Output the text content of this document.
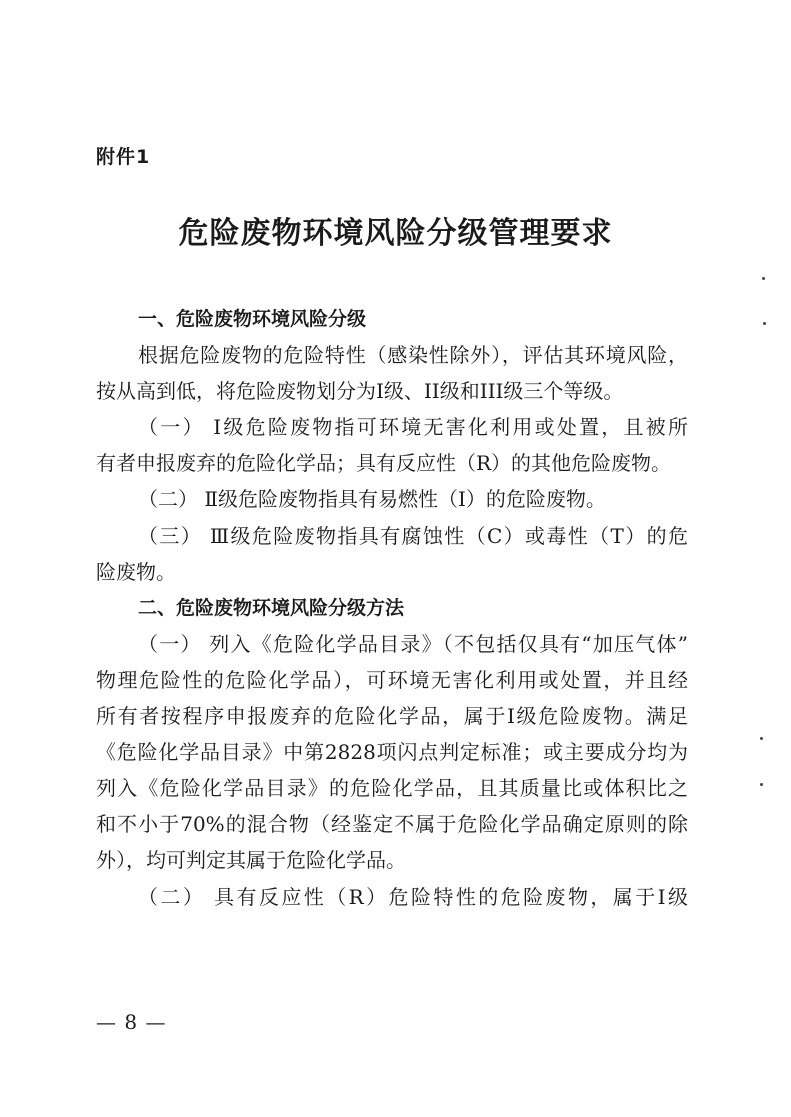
附件1
危险废物环境风险分级管理要求
一、危险废物环境风险分级
根据危险废物的危险特性（感染性除外），评估其环境风险，
按从高到低，将危险废物划分为I级、II级和III级三个等级。
（一） Ⅰ级危险废物指可环境无害化利用或处置，且被所
有者申报废弃的危险化学品；具有反应性（R）的其他危险废物。
（二） Ⅱ级危险废物指具有易燃性（I）的危险废物。
（三） Ⅲ级危险废物指具有腐蚀性（C）或毒性（T）的危
险废物。
二、危险废物环境风险分级方法
（一） 列入《危险化学品目录》（不包括仅具有“加压气体”
物理危险性的危险化学品），可环境无害化利用或处置，并且经
所有者按程序申报废弃的危险化学品，属于Ⅰ级危险废物。满足
《危险化学品目录》中第2828项闪点判定标准；或主要成分均为
列入《危险化学品目录》的危险化学品，且其质量比或体积比之
和不小于70%的混合物（经鉴定不属于危险化学品确定原则的除
外），均可判定其属于危险化学品。
（二） 具有反应性（R）危险特性的危险废物，属于Ⅰ级
— 8 —
